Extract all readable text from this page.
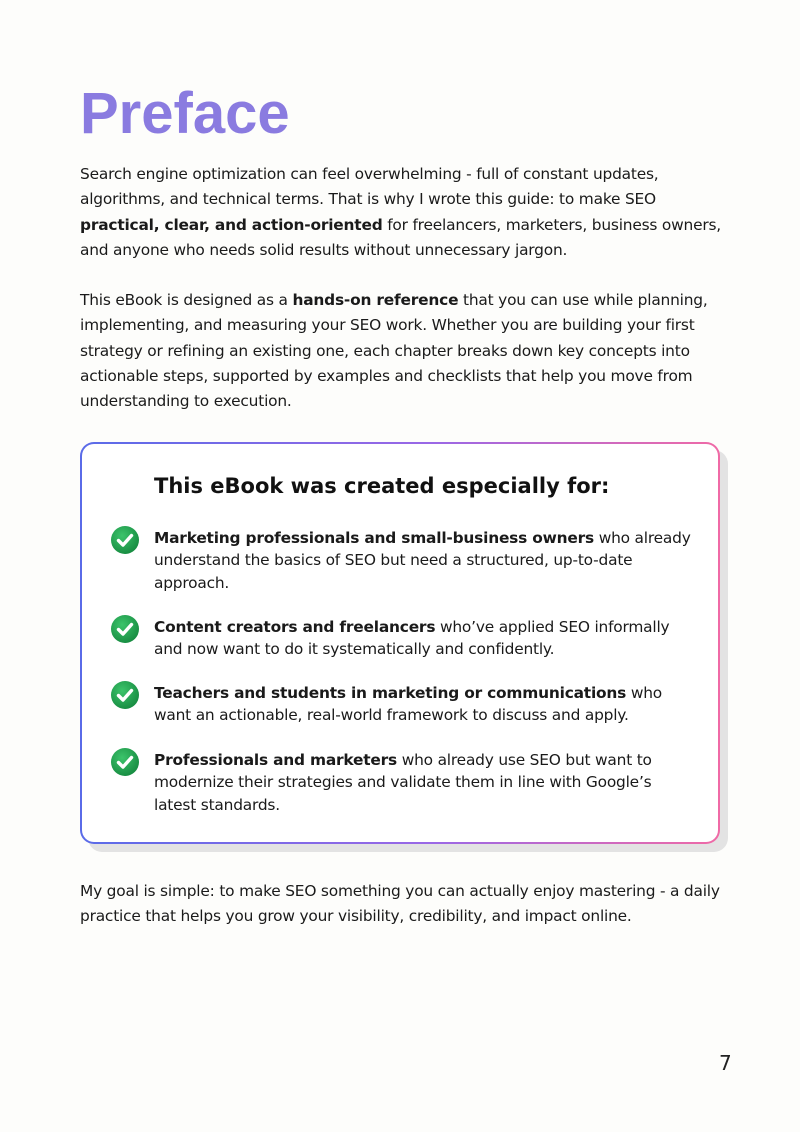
Preface

Search engine optimization can feel overwhelming - full of constant updates, algorithms, and technical terms. That is why I wrote this guide: to make SEO practical, clear, and action-oriented for freelancers, marketers, business owners, and anyone who needs solid results without unnecessary jargon.

This eBook is designed as a hands-on reference that you can use while planning, implementing, and measuring your SEO work. Whether you are building your first strategy or refining an existing one, each chapter breaks down key concepts into actionable steps, supported by examples and checklists that help you move from understanding to execution.

This eBook was created especially for:

Marketing professionals and small-business owners who already understand the basics of SEO but need a structured, up-to-date approach.

Content creators and freelancers who’ve applied SEO informally and now want to do it systematically and confidently.

Teachers and students in marketing or communications who want an actionable, real-world framework to discuss and apply.

Professionals and marketers who already use SEO but want to modernize their strategies and validate them in line with Google’s latest standards.

My goal is simple: to make SEO something you can actually enjoy mastering - a daily practice that helps you grow your visibility, credibility, and impact online.

7
